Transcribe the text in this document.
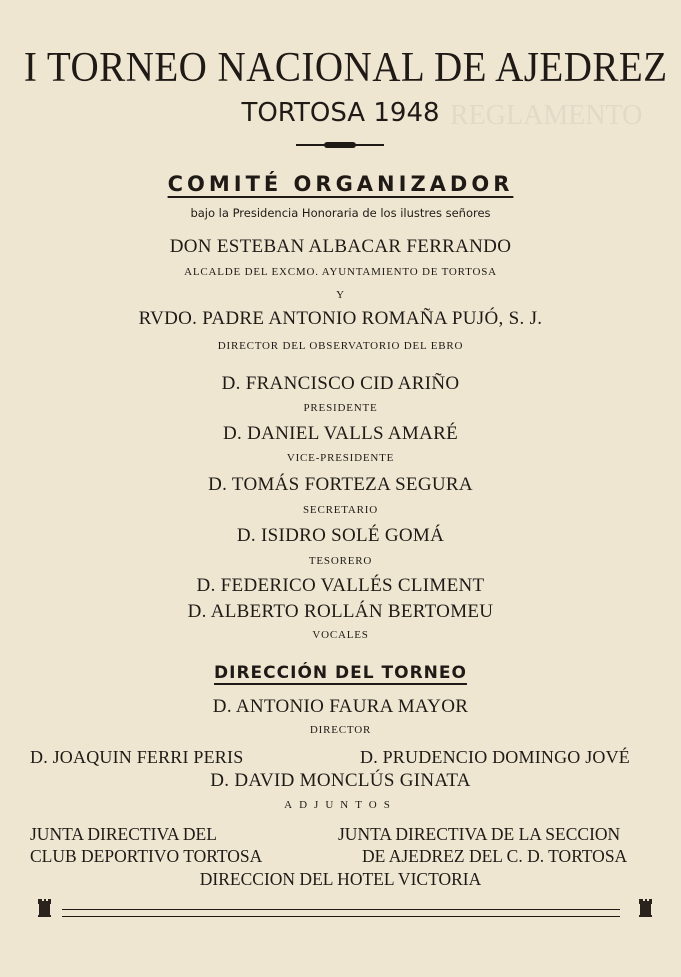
REGLAMENTO
I TORNEO NACIONAL DE AJEDREZ
TORTOSA 1948
COMITÉ ORGANIZADOR
bajo la Presidencia Honoraria de los ilustres señores
DON ESTEBAN ALBACAR FERRANDO
ALCALDE DEL EXCMO. AYUNTAMIENTO DE TORTOSA
Y
RVDO. PADRE ANTONIO ROMAÑA PUJÓ, S. J.
DIRECTOR DEL OBSERVATORIO DEL EBRO
D. FRANCISCO CID ARIÑO
PRESIDENTE
D. DANIEL VALLS AMARÉ
VICE-PRESIDENTE
D. TOMÁS FORTEZA SEGURA
SECRETARIO
D. ISIDRO SOLÉ GOMÁ
TESORERO
D. FEDERICO VALLÉS CLIMENT
D. ALBERTO ROLLÁN BERTOMEU
VOCALES
DIRECCIÓN DEL TORNEO
D. ANTONIO FAURA MAYOR
DIRECTOR
D. JOAQUIN FERRI PERIS	D. PRUDENCIO DOMINGO JOVÉ
D. DAVID MONCLÚS GINATA
ADJUNTOS
JUNTA DIRECTIVA DEL
CLUB DEPORTIVO TORTOSA
JUNTA DIRECTIVA DE LA SECCION
DE AJEDREZ DEL C. D. TORTOSA
DIRECCION DEL HOTEL VICTORIA
